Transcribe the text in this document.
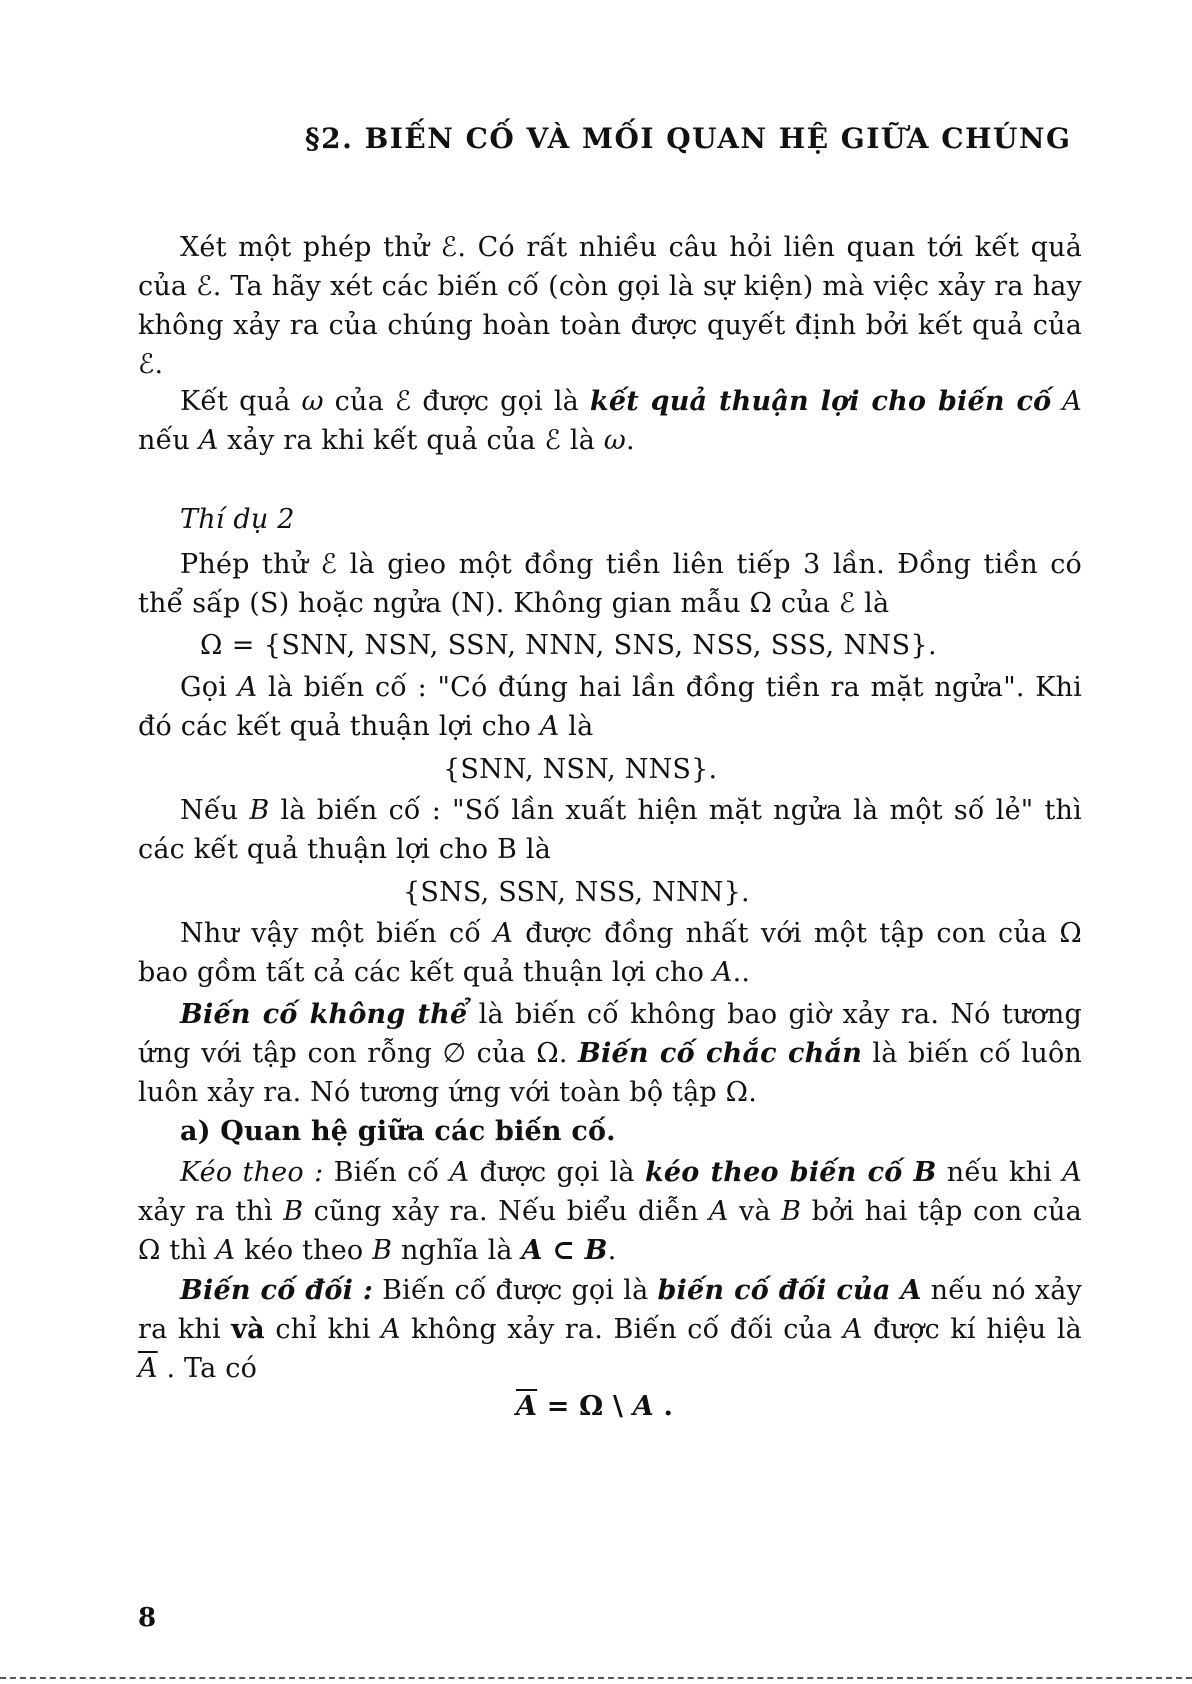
§2. BIẾN CỐ VÀ MỐI QUAN HỆ GIỮA CHÚNG

Xét một phép thử ℰ. Có rất nhiều câu hỏi liên quan tới kết quả của ℰ. Ta hãy xét các biến cố (còn gọi là sự kiện) mà việc xảy ra hay không xảy ra của chúng hoàn toàn được quyết định bởi kết quả của ℰ.

Kết quả ω của ℰ được gọi là kết quả thuận lợi cho biến cố A nếu A xảy ra khi kết quả của ℰ là ω.

Thí dụ 2

Phép thử ℰ là gieo một đồng tiền liên tiếp 3 lần. Đồng tiền có thể sấp (S) hoặc ngửa (N). Không gian mẫu Ω của ℰ là

Ω = {SNN, NSN, SSN, NNN, SNS, NSS, SSS, NNS}.

Gọi A là biến cố : "Có đúng hai lần đồng tiền ra mặt ngửa". Khi đó các kết quả thuận lợi cho A là

{SNN, NSN, NNS}.

Nếu B là biến cố : "Số lần xuất hiện mặt ngửa là một số lẻ" thì các kết quả thuận lợi cho B là

{SNS, SSN, NSS, NNN}.

Như vậy một biến cố A được đồng nhất với một tập con của Ω bao gồm tất cả các kết quả thuận lợi cho A..

Biến cố không thể là biến cố không bao giờ xảy ra. Nó tương ứng với tập con rỗng ∅ của Ω. Biến cố chắc chắn là biến cố luôn luôn xảy ra. Nó tương ứng với toàn bộ tập Ω.

a) Quan hệ giữa các biến cố.

Kéo theo : Biến cố A được gọi là kéo theo biến cố B nếu khi A xảy ra thì B cũng xảy ra. Nếu biểu diễn A và B bởi hai tập con của Ω thì A kéo theo B nghĩa là A ⊂ B.

Biến cố đối : Biến cố được gọi là biến cố đối của A nếu nó xảy ra khi và chỉ khi A không xảy ra. Biến cố đối của A được kí hiệu là $\overline{A}$ . Ta có

$\overline{A} = \Omega$ \ A .

8
